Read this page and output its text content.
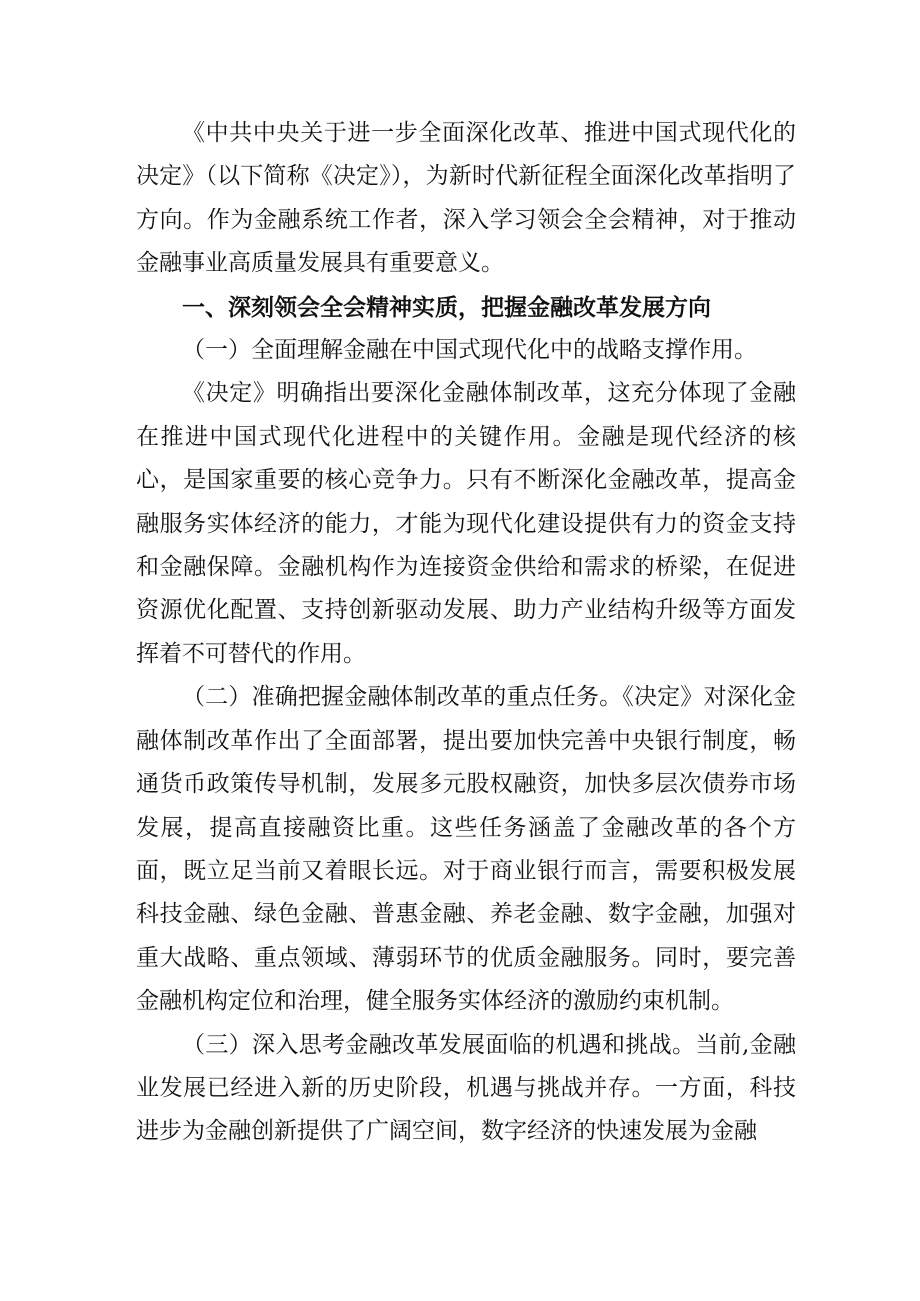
《中共中央关于进一步全面深化改革、推进中国式现代化的决定》（以下简称《决定》），为新时代新征程全面深化改革指明了方向。作为金融系统工作者，深入学习领会全会精神，对于推动金融事业高质量发展具有重要意义。

一、深刻领会全会精神实质，把握金融改革发展方向

（一）全面理解金融在中国式现代化中的战略支撑作用。

《决定》明确指出要深化金融体制改革，这充分体现了金融在推进中国式现代化进程中的关键作用。金融是现代经济的核心，是国家重要的核心竞争力。只有不断深化金融改革，提高金融服务实体经济的能力，才能为现代化建设提供有力的资金支持和金融保障。金融机构作为连接资金供给和需求的桥梁，在促进资源优化配置、支持创新驱动发展、助力产业结构升级等方面发挥着不可替代的作用。

（二）准确把握金融体制改革的重点任务。《决定》对深化金融体制改革作出了全面部署，提出要加快完善中央银行制度，畅通货币政策传导机制，发展多元股权融资，加快多层次债券市场发展，提高直接融资比重。这些任务涵盖了金融改革的各个方面，既立足当前又着眼长远。对于商业银行而言，需要积极发展科技金融、绿色金融、普惠金融、养老金融、数字金融，加强对重大战略、重点领域、薄弱环节的优质金融服务。同时，要完善金融机构定位和治理，健全服务实体经济的激励约束机制。

（三）深入思考金融改革发展面临的机遇和挑战。当前,金融业发展已经进入新的历史阶段，机遇与挑战并存。一方面，科技进步为金融创新提供了广阔空间，数字经济的快速发展为金融
